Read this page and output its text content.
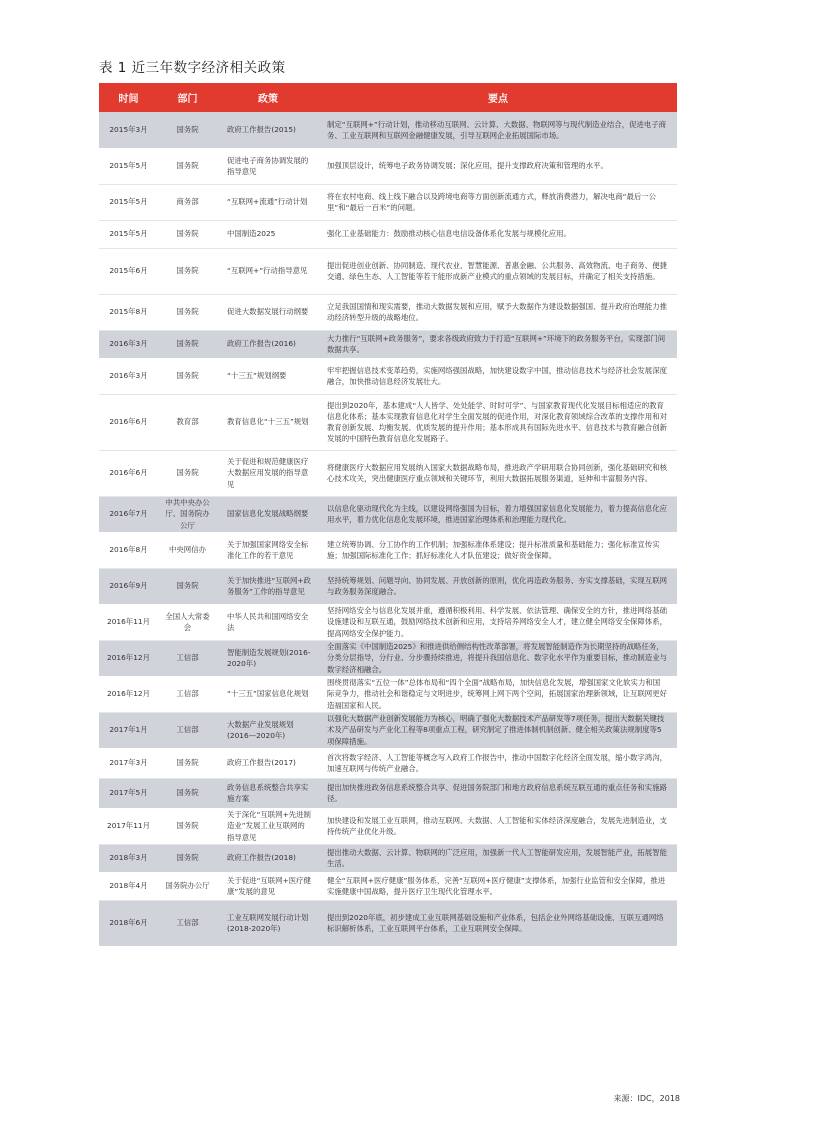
表 1 近三年数字经济相关政策
时间	部门	政策	要点
2015年3月	国务院	政府工作报告(2015)	制定“互联网+”行动计划，推动移动互联网、云计算、大数据、物联网等与现代制造业结合，促进电子商务、工业互联网和互联网金融健康发展，引导互联网企业拓展国际市场。
2015年5月	国务院	促进电子商务协调发展的指导意见	加强顶层设计，统筹电子政务协调发展；深化应用，提升支撑政府决策和管理的水平。
2015年5月	商务部	“互联网+流通”行动计划	将在农村电商、线上线下融合以及跨境电商等方面创新流通方式，释放消费潜力，解决电商“最后一公里”和“最后一百米”的问题。
2015年5月	国务院	中国制造2025	强化工业基础能力：鼓励推动核心信息电信设备体系化发展与规模化应用。
2015年6月	国务院	“互联网+”行动指导意见	提出促进创业创新、协同制造、现代农业、智慧能源、普惠金融、公共服务、高效物流、电子商务、便捷交通、绿色生态、人工智能等若干能形成新产业模式的重点领域的发展目标，并确定了相关支持措施。
2015年8月	国务院	促进大数据发展行动纲要	立足我国国情和现实需要，推动大数据发展和应用，赋予大数据作为建设数据强国、提升政府治理能力推动经济转型升级的战略地位。
2016年3月	国务院	政府工作报告(2016)	大力推行“互联网+政务服务”，要求各级政府致力于打造“互联网+”环境下的政务服务平台，实现部门间数据共享。
2016年3月	国务院	“十三五”规划纲要	牢牢把握信息技术变革趋势，实施网络强国战略，加快建设数字中国，推动信息技术与经济社会发展深度融合，加快推动信息经济发展壮大。
2016年6月	教育部	教育信息化“十三五”规划	提出到2020年，基本建成“人人皆学、处处能学、时时可学”、与国家教育现代化发展目标相适应的教育信息化体系；基本实现教育信息化对学生全面发展的促进作用，对深化教育领域综合改革的支撑作用和对教育创新发展、均衡发展、优质发展的提升作用；基本形成具有国际先进水平、信息技术与教育融合创新发展的中国特色教育信息化发展路子。
2016年6月	国务院	关于促进和规范健康医疗大数据应用发展的指导意见	将健康医疗大数据应用发展纳入国家大数据战略布局，推进政产学研用联合协同创新，强化基础研究和核心技术攻关，突出健康医疗重点领域和关键环节，利用大数据拓展服务渠道，延伸和丰富服务内容。
2016年7月	中共中央办公厅、国务院办公厅	国家信息化发展战略纲要	以信息化驱动现代化为主线，以建设网络强国为目标，着力增强国家信息化发展能力，着力提高信息化应用水平，着力优化信息化发展环境，推进国家治理体系和治理能力现代化。
2016年8月	中央网信办	关于加强国家网络安全标准化工作的若干意见	建立统筹协调、分工协作的工作机制；加强标准体系建设；提升标准质量和基础能力；强化标准宣传实施；加强国际标准化工作；抓好标准化人才队伍建设；做好资金保障。
2016年9月	国务院	关于加快推进“互联网+政务服务”工作的指导意见	坚持统筹规划、问题导向、协同发展、开放创新的原则，优化再造政务服务、夯实支撑基础，实现互联网与政务服务深度融合。
2016年11月	全国人大常委会	中华人民共和国网络安全法	坚持网络安全与信息化发展并重，遵循积极利用、科学发展、依法管理、确保安全的方针，推进网络基础设施建设和互联互通，鼓励网络技术创新和应用，支持培养网络安全人才，建立健全网络安全保障体系，提高网络安全保护能力。
2016年12月	工信部	智能制造发展规划(2016-2020年)	全面落实《中国制造2025》和推进供给侧结构性改革部署，将发展智能制造作为长期坚持的战略任务，分类分层指导，分行业、分步骤持续推进，将提升我国信息化、数字化水平作为重要目标，推动制造业与数字经济相融合。
2016年12月	工信部	“十三五”国家信息化规划	围绕贯彻落实“五位一体”总体布局和“四个全面”战略布局，加快信息化发展，增强国家文化软实力和国际竞争力，推动社会和谐稳定与文明进步，统筹网上网下两个空间，拓展国家治理新领域，让互联网更好造福国家和人民。
2017年1月	工信部	大数据产业发展规划(2016—2020年)	以强化大数据产业创新发展能力为核心，明确了强化大数据技术产品研发等7项任务，提出大数据关键技术及产品研发与产业化工程等8项重点工程，研究制定了推进体制机制创新、健全相关政策法规制度等5项保障措施。
2017年3月	国务院	政府工作报告(2017)	首次将数字经济、人工智能等概念写入政府工作报告中，推动中国数字化经济全面发展，缩小数字鸿沟，加速互联网与传统产业融合。
2017年5月	国务院	政务信息系统整合共享实施方案	提出加快推进政务信息系统整合共享、促进国务院部门和地方政府信息系统互联互通的重点任务和实施路径。
2017年11月	国务院	关于深化“互联网+先进制造业”发展工业互联网的指导意见	加快建设和发展工业互联网，推动互联网、大数据、人工智能和实体经济深度融合，发展先进制造业，支持传统产业优化升级。
2018年3月	国务院	政府工作报告(2018)	提出推动大数据、云计算、物联网的广泛应用，加强新一代人工智能研发应用，发展智能产业，拓展智能生活。
2018年4月	国务院办公厅	关于促进“互联网+医疗健康”发展的意见	健全“互联网+医疗健康”服务体系，完善“互联网+医疗健康”支撑体系，加强行业监管和安全保障，推进实施健康中国战略，提升医疗卫生现代化管理水平。
2018年6月	工信部	工业互联网发展行动计划(2018-2020年)	提出到2020年底，初步建成工业互联网基础设施和产业体系，包括企业外网络基础设施、互联互通网络标识解析体系，工业互联网平台体系，工业互联网安全保障。
来源：IDC，2018
